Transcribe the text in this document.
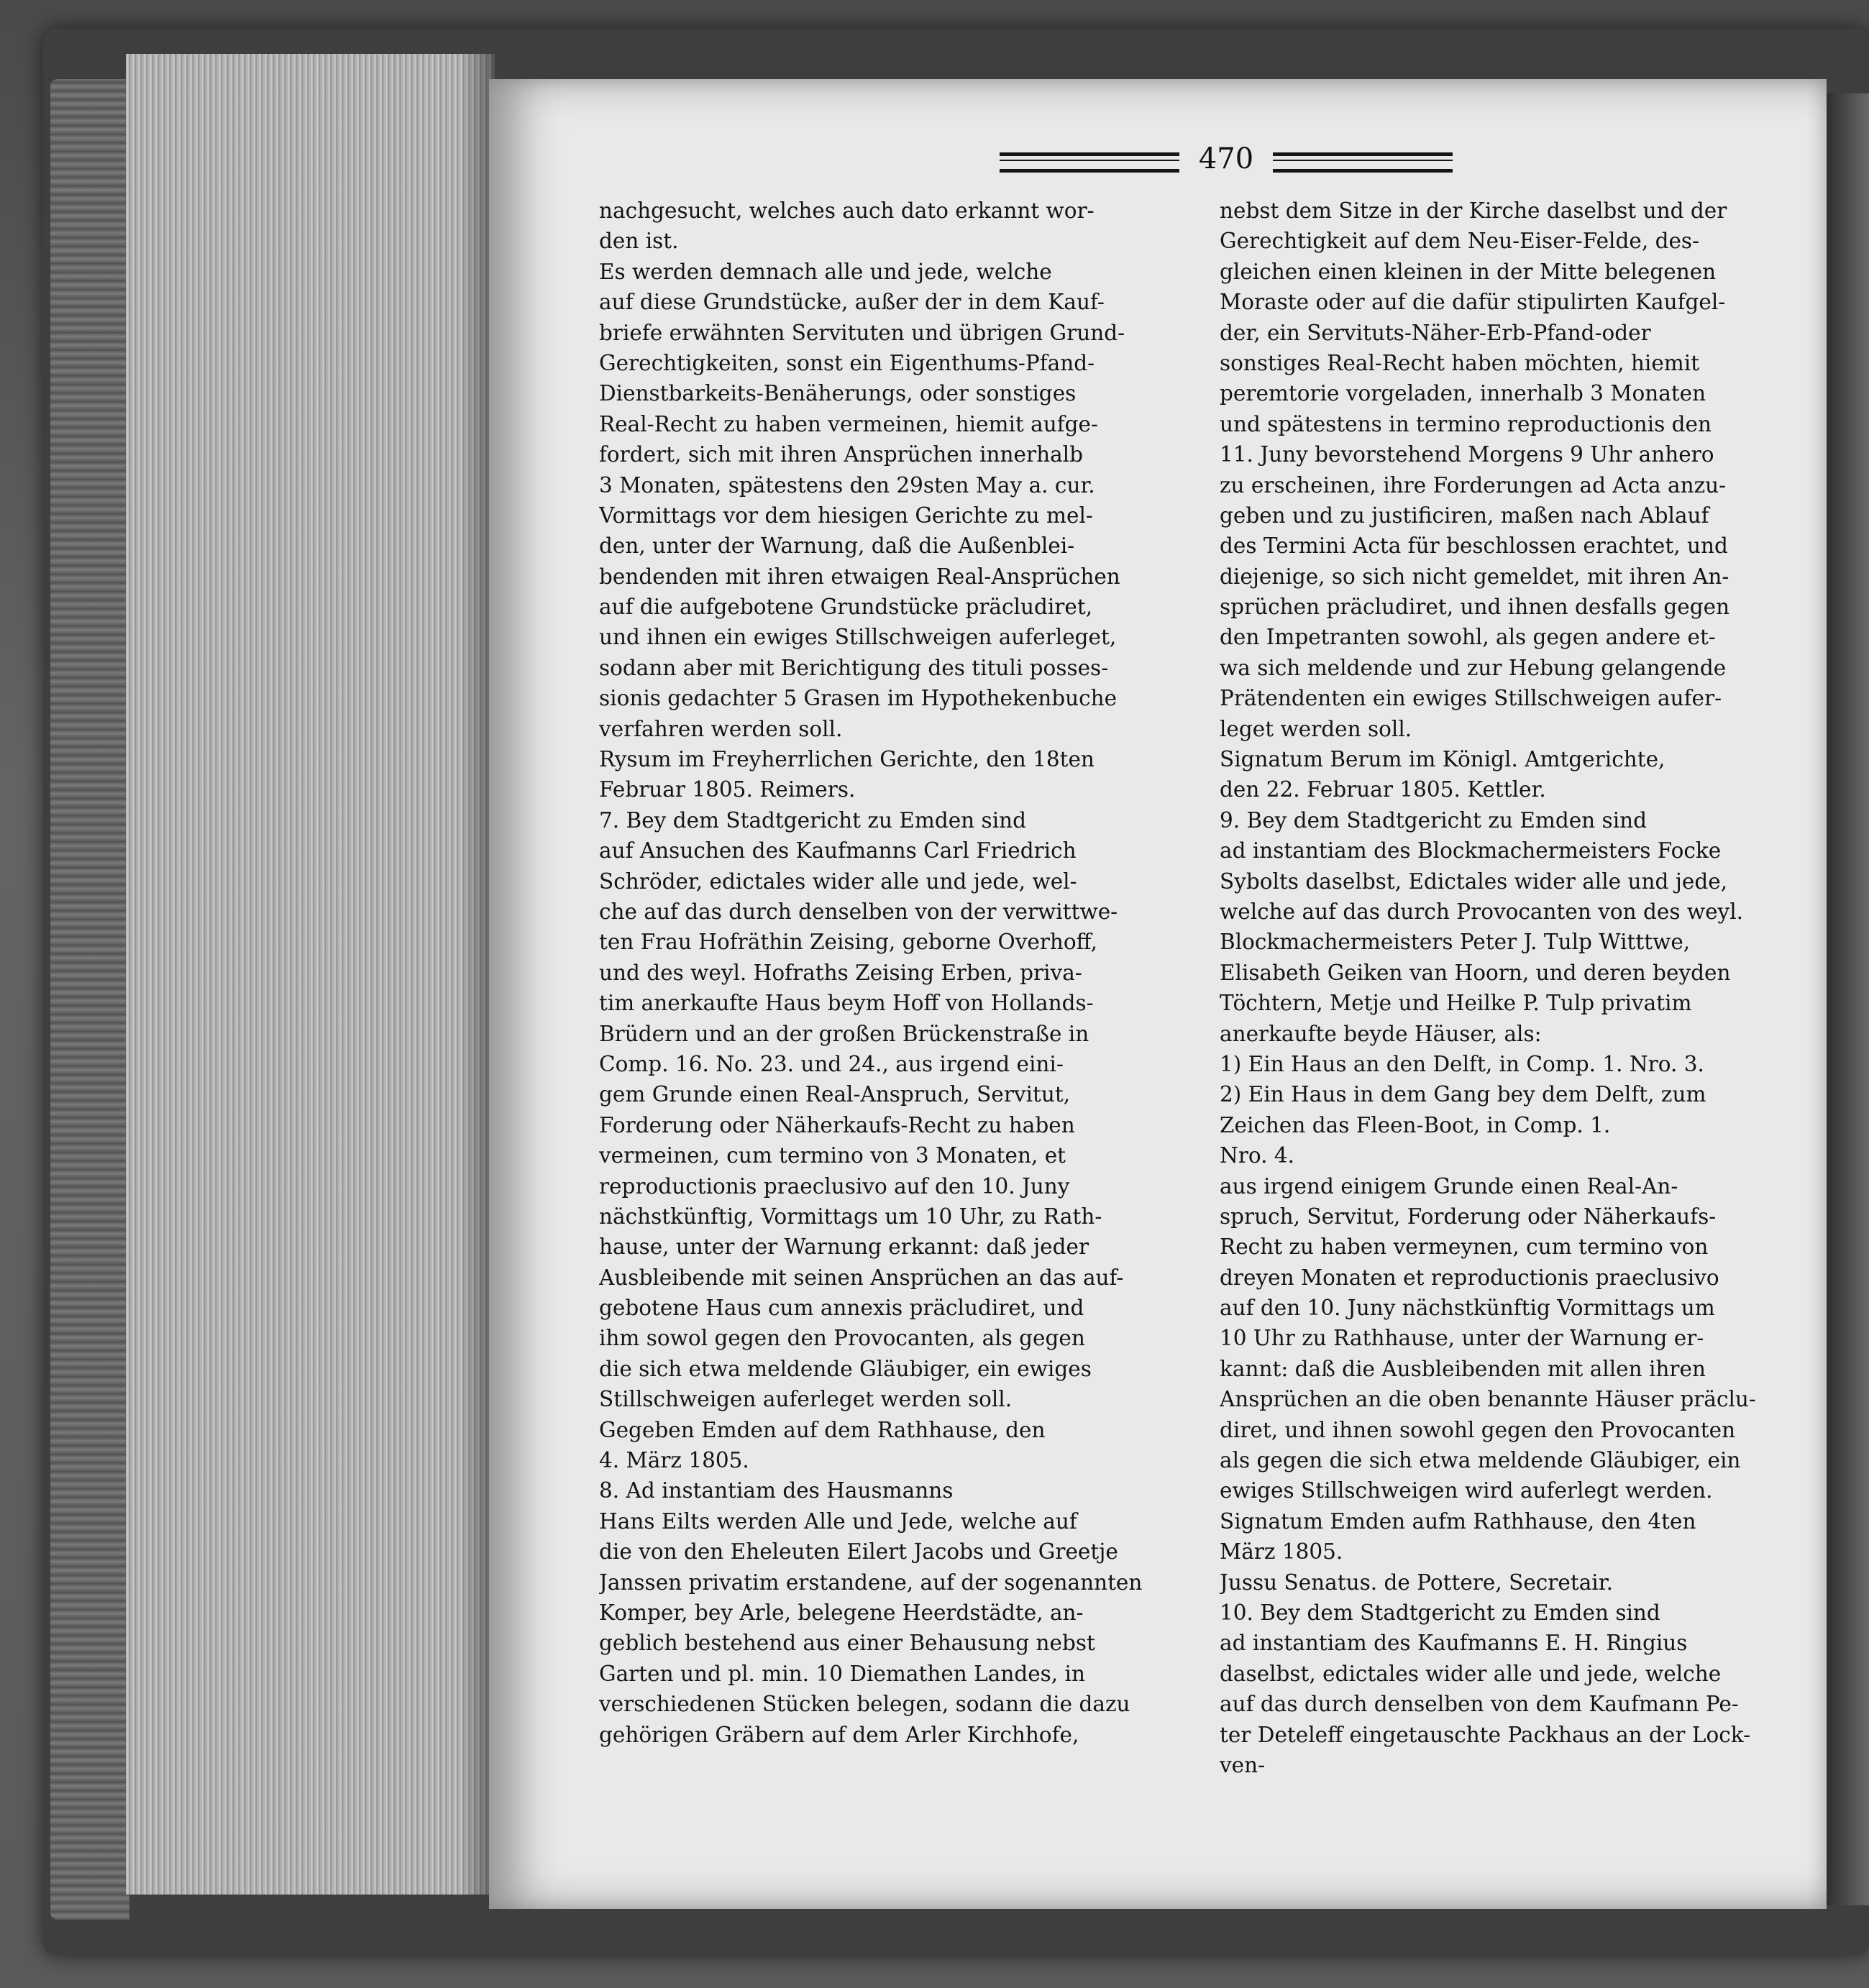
470
nachgesucht, welches auch dato erkannt wor-
den ist.
Es werden demnach alle und jede, welche
auf diese Grundstücke, außer der in dem Kauf-
briefe erwähnten Servituten und übrigen Grund-
Gerechtigkeiten, sonst ein Eigenthums-Pfand-
Dienstbarkeits-Benäherungs, oder sonstiges
Real-Recht zu haben vermeinen, hiemit aufge-
fordert, sich mit ihren Ansprüchen innerhalb
3 Monaten, spätestens den 29sten May a. cur.
Vormittags vor dem hiesigen Gerichte zu mel-
den, unter der Warnung, daß die Außenblei-
bendenden mit ihren etwaigen Real-Ansprüchen
auf die aufgebotene Grundstücke präcludiret,
und ihnen ein ewiges Stillschweigen auferleget,
sodann aber mit Berichtigung des tituli posses-
sionis gedachter 5 Grasen im Hypothekenbuche
verfahren werden soll.
Rysum im Freyherrlichen Gerichte, den 18ten
Februar 1805. Reimers.
7. Bey dem Stadtgericht zu Emden sind
auf Ansuchen des Kaufmanns Carl Friedrich
Schröder, edictales wider alle und jede, wel-
che auf das durch denselben von der verwittwe-
ten Frau Hofräthin Zeising, geborne Overhoff,
und des weyl. Hofraths Zeising Erben, priva-
tim anerkaufte Haus beym Hoff von Hollands-
Brüdern und an der großen Brückenstraße in
Comp. 16. No. 23. und 24., aus irgend eini-
gem Grunde einen Real-Anspruch, Servitut,
Forderung oder Näherkaufs-Recht zu haben
vermeinen, cum termino von 3 Monaten, et
reproductionis praeclusivo auf den 10. Juny
nächstkünftig, Vormittags um 10 Uhr, zu Rath-
hause, unter der Warnung erkannt: daß jeder
Ausbleibende mit seinen Ansprüchen an das auf-
gebotene Haus cum annexis präcludiret, und
ihm sowol gegen den Provocanten, als gegen
die sich etwa meldende Gläubiger, ein ewiges
Stillschweigen auferleget werden soll.
Gegeben Emden auf dem Rathhause, den
4. März 1805.
8. Ad instantiam des Hausmanns
Hans Eilts werden Alle und Jede, welche auf
die von den Eheleuten Eilert Jacobs und Greetje
Janssen privatim erstandene, auf der sogenannten
Komper, bey Arle, belegene Heerdstädte, an-
geblich bestehend aus einer Behausung nebst
Garten und pl. min. 10 Diemathen Landes, in
verschiedenen Stücken belegen, sodann die dazu
gehörigen Gräbern auf dem Arler Kirchhofe,
nebst dem Sitze in der Kirche daselbst und der
Gerechtigkeit auf dem Neu-Eiser-Felde, des-
gleichen einen kleinen in der Mitte belegenen
Moraste oder auf die dafür stipulirten Kaufgel-
der, ein Servituts-Näher-Erb-Pfand-oder
sonstiges Real-Recht haben möchten, hiemit
peremtorie vorgeladen, innerhalb 3 Monaten
und spätestens in termino reproductionis den
11. Juny bevorstehend Morgens 9 Uhr anhero
zu erscheinen, ihre Forderungen ad Acta anzu-
geben und zu justificiren, maßen nach Ablauf
des Termini Acta für beschlossen erachtet, und
diejenige, so sich nicht gemeldet, mit ihren An-
sprüchen präcludiret, und ihnen desfalls gegen
den Impetranten sowohl, als gegen andere et-
wa sich meldende und zur Hebung gelangende
Prätendenten ein ewiges Stillschweigen aufer-
leget werden soll.
Signatum Berum im Königl. Amtgerichte,
den 22. Februar 1805. Kettler.
9. Bey dem Stadtgericht zu Emden sind
ad instantiam des Blockmachermeisters Focke
Sybolts daselbst, Edictales wider alle und jede,
welche auf das durch Provocanten von des weyl.
Blockmachermeisters Peter J. Tulp Witttwe,
Elisabeth Geiken van Hoorn, und deren beyden
Töchtern, Metje und Heilke P. Tulp privatim
anerkaufte beyde Häuser, als:
1) Ein Haus an den Delft, in Comp. 1. Nro. 3.
2) Ein Haus in dem Gang bey dem Delft, zum
Zeichen das Fleen-Boot, in Comp. 1.
Nro. 4.
aus irgend einigem Grunde einen Real-An-
spruch, Servitut, Forderung oder Näherkaufs-
Recht zu haben vermeynen, cum termino von
dreyen Monaten et reproductionis praeclusivo
auf den 10. Juny nächstkünftig Vormittags um
10 Uhr zu Rathhause, unter der Warnung er-
kannt: daß die Ausbleibenden mit allen ihren
Ansprüchen an die oben benannte Häuser präclu-
diret, und ihnen sowohl gegen den Provocanten
als gegen die sich etwa meldende Gläubiger, ein
ewiges Stillschweigen wird auferlegt werden.
Signatum Emden aufm Rathhause, den 4ten
März 1805.
Jussu Senatus. de Pottere, Secretair.
10. Bey dem Stadtgericht zu Emden sind
ad instantiam des Kaufmanns E. H. Ringius
daselbst, edictales wider alle und jede, welche
auf das durch denselben von dem Kaufmann Pe-
ter Deteleff eingetauschte Packhaus an der Lock-
ven-
